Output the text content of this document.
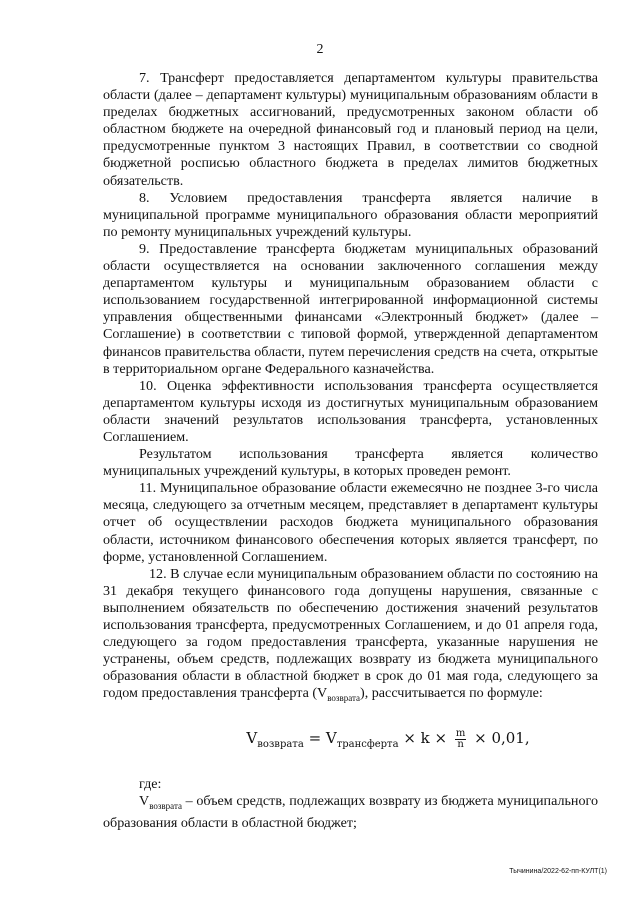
2

7. Трансферт предоставляется департаментом культуры правительства области (далее – департамент культуры) муниципальным образованиям области в пределах бюджетных ассигнований, предусмотренных законом области об областном бюджете на очередной финансовый год и плановый период на цели, предусмотренные пунктом 3 настоящих Правил, в соответствии со сводной бюджетной росписью областного бюджета в пределах лимитов бюджетных обязательств.

8. Условием предоставления трансферта является наличие в муниципальной программе муниципального образования области мероприятий по ремонту муниципальных учреждений культуры.

9. Предоставление трансферта бюджетам муниципальных образований области осуществляется на основании заключенного соглашения между департаментом культуры и муниципальным образованием области с использованием государственной интегрированной информационной системы управления общественными финансами «Электронный бюджет» (далее – Соглашение) в соответствии с типовой формой, утвержденной департаментом финансов правительства области, путем перечисления средств на счета, открытые в территориальном органе Федерального казначейства.

10. Оценка эффективности использования трансферта осуществляется департаментом культуры исходя из достигнутых муниципальным образованием области значений результатов использования трансферта, установленных Соглашением.

Результатом использования трансферта является количество муниципальных учреждений культуры, в которых проведен ремонт.

11. Муниципальное образование области ежемесячно не позднее 3-го числа месяца, следующего за отчетным месяцем, представляет в департамент культуры отчет об осуществлении расходов бюджета муниципального образования области, источником финансового обеспечения которых является трансферт, по форме, установленной Соглашением.

12. В случае если муниципальным образованием области по состоянию на 31 декабря текущего финансового года допущены нарушения, связанные с выполнением обязательств по обеспечению достижения значений результатов использования трансферта, предусмотренных Соглашением, и до 01 апреля года, следующего за годом предоставления трансферта, указанные нарушения не устранены, объем средств, подлежащих возврату из бюджета муниципального образования области в областной бюджет в срок до 01 мая года, следующего за годом предоставления трансферта $(V_{возврата})$, рассчитывается по формуле:

$V_{возврата} = V_{трансферта} \times k \times \frac{m}{n} \times 0,01$,

где:

$V_{возврата}$ – объем средств, подлежащих возврату из бюджета муниципального образования области в областной бюджет;

Тычинина/2022-62-пп-КУЛТ(1)
